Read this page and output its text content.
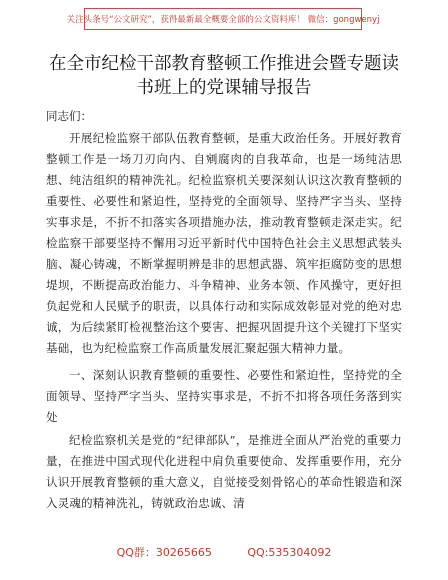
关注头条号“公文研究”，获得最新最全概要全部的公文资料库！ 微信：gongwenyj
在全市纪检干部教育整顿工作推进会暨专题读
书班上的党课辅导报告
同志们：

开展纪检监察干部队伍教育整顿，是重大政治任务。开展好教育整顿工作是一场刀刃向内、自剜腐肉的自我革命，也是一场纯洁思想、纯洁组织的精神洗礼。纪检监察机关要深刻认识这次教育整顿的重要性、必要性和紧迫性，坚持党的全面领导、坚持严字当头、坚持实事求是，不折不扣落实各项措施办法，推动教育整顿走深走实。纪检监察干部要坚持不懈用习近平新时代中国特色社会主义思想武装头脑、凝心铸魂，不断掌握明辨是非的思想武器、筑牢拒腐防变的思想堤坝，不断提高政治能力、斗争精神、业务本领、作风操守，更好担负起党和人民赋予的职责，以具体行动和实际成效彰显对党的绝对忠诚，为后续紧盯检视整治这个要害、把握巩固提升这个关键打下坚实基础，也为纪检监察工作高质量发展汇聚起强大精神力量。

一、深刻认识教育整顿的重要性、必要性和紧迫性，坚持党的全面领导、坚持严字当头、坚持实事求是，不折不扣将各项任务落到实处

纪检监察机关是党的“纪律部队”，是推进全面从严治党的重要力量，在推进中国式现代化进程中肩负重要使命、发挥重要作用，充分认识开展教育整顿的重大意义，自觉接受刻骨铭心的革命性锻造和深入灵魂的精神洗礼，铸就政治忠诚、清

QQ群：30265665	QQ:535304092
